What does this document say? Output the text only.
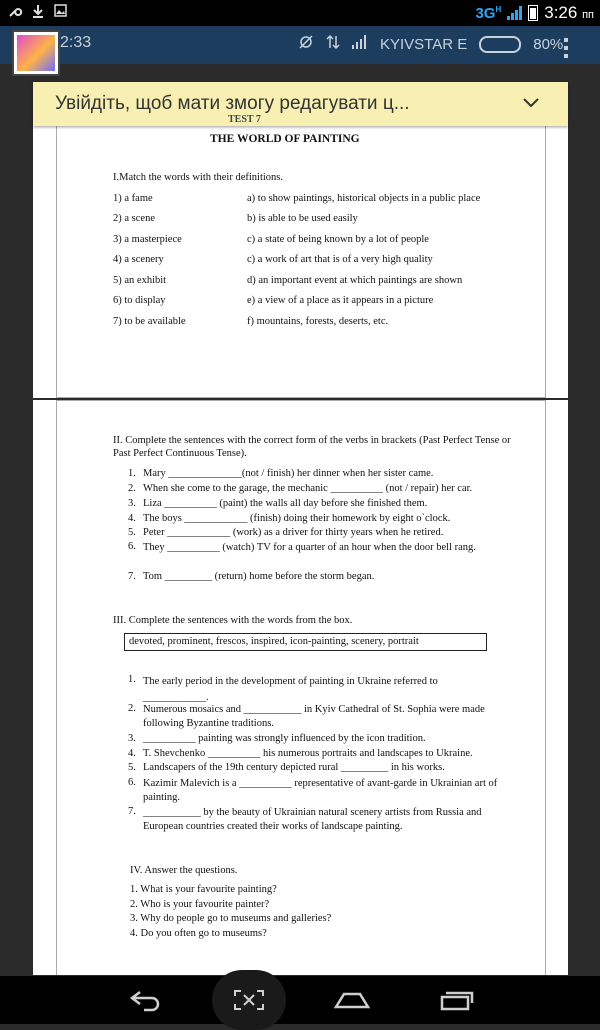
$3G^H$	3:26 пп
2:33	KYIVSTAR E	80%
Увійдіть, щоб мати змогу редагувати ц...
TEST 7
THE WORLD OF PAINTING
I.Match the words with their definitions.
1) a fame	a) to show paintings, historical objects in a public place
2) a scene	b) is able to be used easily
3) a masterpiece	c) a state of being known by a lot of people
4) a scenery	c) a work of art that is of a very high quality
5) an exhibit	d) an important event at which paintings are shown
6) to display	e) a view of a place as it appears in a picture
7) to be available	f) mountains, forests, deserts, etc.
II. Complete the sentences with the correct form of the verbs in brackets (Past Perfect Tense or Past Perfect Continuous Tense).
1. Mary ______________(not / finish) her dinner when her sister came.
2. When she come to the garage, the mechanic __________ (not / repair) her car.
3. Liza __________ (paint) the walls all day before she finished them.
4. The boys ____________ (finish) doing their homework by eight o`clock.
5. Peter ____________ (work) as a driver for thirty years when he retired.
6. They __________ (watch) TV for a quarter of an hour when the door bell rang.
7. Tom _________ (return) home before the storm began.
III. Complete the sentences with the words from the box.
devoted, prominent, frescos, inspired, icon-painting, scenery, portrait
1. The early period in the development of painting in Ukraine referred to ____________.
2. Numerous mosaics and ___________ in Kyiv Cathedral of St. Sophia were made following Byzantine traditions.
3. __________ painting was strongly influenced by the icon tradition.
4. T. Shevchenko __________ his numerous portraits and landscapes to Ukraine.
5. Landscapers of the 19th century depicted rural _________ in his works.
6. Kazimir Malevich is a __________ representative of avant-garde in Ukrainian art of painting.
7. ___________ by the beauty of Ukrainian natural scenery artists from Russia and European countries created their works of landscape painting.
IV. Answer the questions.
1. What is your favourite painting?
2. Who is your favourite painter?
3. Why do people go to museums and galleries?
4. Do you often go to museums?
